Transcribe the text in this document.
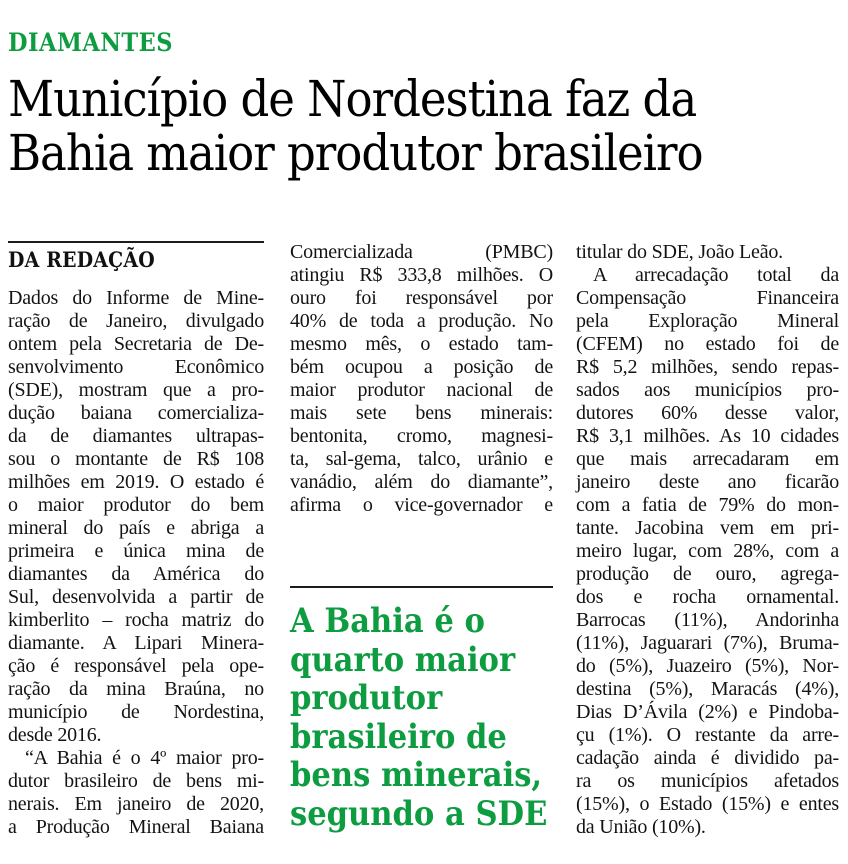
DIAMANTES
Município de Nordestina faz da
Bahia maior produtor brasileiro
DA REDAÇÃO
Dados do Informe de Mine-
ração de Janeiro, divulgado
ontem pela Secretaria de De-
senvolvimento Econômico
(SDE), mostram que a pro-
dução baiana comercializa-
da de diamantes ultrapas-
sou o montante de R$ 108
milhões em 2019. O estado é
o maior produtor do bem
mineral do país e abriga a
primeira e única mina de
diamantes da América do
Sul, desenvolvida a partir de
kimberlito – rocha matriz do
diamante. A Lipari Minera-
ção é responsável pela ope-
ração da mina Braúna, no
município de Nordestina,
desde 2016.
“A Bahia é o 4º maior pro-
dutor brasileiro de bens mi-
nerais. Em janeiro de 2020,
a Produção Mineral Baiana
Comercializada (PMBC)
atingiu R$ 333,8 milhões. O
ouro foi responsável por
40% de toda a produção. No
mesmo mês, o estado tam-
bém ocupou a posição de
maior produtor nacional de
mais sete bens minerais:
bentonita, cromo, magnesi-
ta, sal-gema, talco, urânio e
vanádio, além do diamante”,
afirma o vice-governador e
A Bahia é o
quarto maior
produtor
brasileiro de
bens minerais,
segundo a SDE
titular do SDE, João Leão.
A arrecadação total da
Compensação Financeira
pela Exploração Mineral
(CFEM) no estado foi de
R$ 5,2 milhões, sendo repas-
sados aos municípios pro-
dutores 60% desse valor,
R$ 3,1 milhões. As 10 cidades
que mais arrecadaram em
janeiro deste ano ficarão
com a fatia de 79% do mon-
tante. Jacobina vem em pri-
meiro lugar, com 28%, com a
produção de ouro, agrega-
dos e rocha ornamental.
Barrocas (11%), Andorinha
(11%), Jaguarari (7%), Bruma-
do (5%), Juazeiro (5%), Nor-
destina (5%), Maracás (4%),
Dias D’Ávila (2%) e Pindoba-
çu (1%). O restante da arre-
cadação ainda é dividido pa-
ra os municípios afetados
(15%), o Estado (15%) e entes
da União (10%).
